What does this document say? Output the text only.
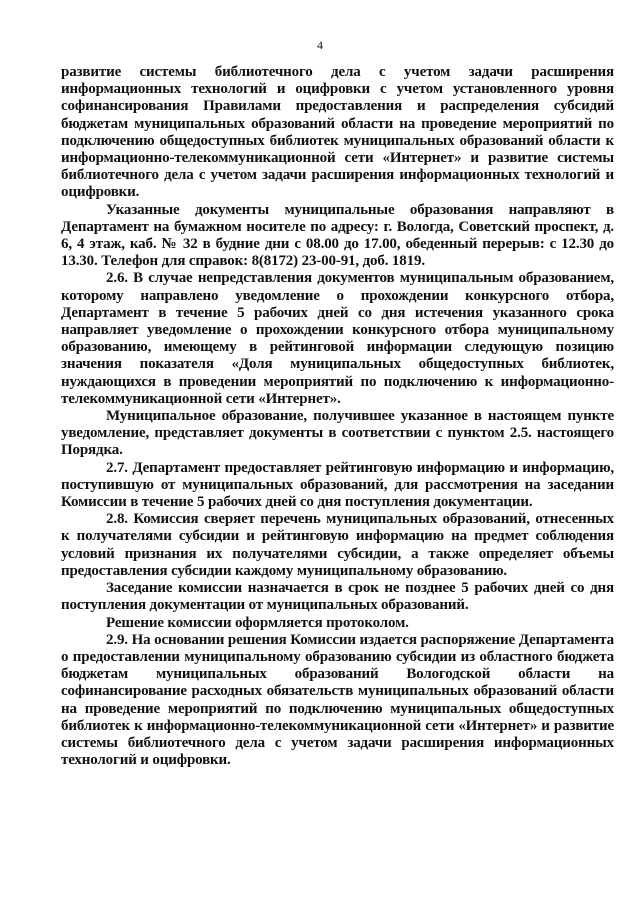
4

развитие системы библиотечного дела с учетом задачи расширения информационных технологий и оцифровки с учетом установленного уровня софинансирования Правилами предоставления и распределения субсидий бюджетам муниципальных образований области на проведение мероприятий по подключению общедоступных библиотек муниципальных образований области к информационно-телекоммуникационной сети «Интернет» и развитие системы библиотечного дела с учетом задачи расширения информационных технологий и оцифровки.

Указанные документы муниципальные образования направляют в Департамент на бумажном носителе по адресу: г. Вологда, Советский проспект, д. 6, 4 этаж, каб. № 32 в будние дни с 08.00 до 17.00, обеденный перерыв: с 12.30 до 13.30. Телефон для справок: 8(8172) 23-00-91, доб. 1819.

2.6. В случае непредставления документов муниципальным образованием, которому направлено уведомление о прохождении конкурсного отбора, Департамент в течение 5 рабочих дней со дня истечения указанного срока направляет уведомление о прохождении конкурсного отбора муниципальному образованию, имеющему в рейтинговой информации следующую позицию значения показателя «Доля муниципальных общедоступных библиотек, нуждающихся в проведении мероприятий по подключению к информационно-телекоммуникационной сети «Интернет».

Муниципальное образование, получившее указанное в настоящем пункте уведомление, представляет документы в соответствии с пунктом 2.5. настоящего Порядка.

2.7. Департамент предоставляет рейтинговую информацию и информацию, поступившую от муниципальных образований, для рассмотрения на заседании Комиссии в течение 5 рабочих дней со дня поступления документации.

2.8. Комиссия сверяет перечень муниципальных образований, отнесенных к получателями субсидии и рейтинговую информацию на предмет соблюдения условий признания их получателями субсидии, а также определяет объемы предоставления субсидии каждому муниципальному образованию.

Заседание комиссии назначается в срок не позднее 5 рабочих дней со дня поступления документации от муниципальных образований.

Решение комиссии оформляется протоколом.

2.9. На основании решения Комиссии издается распоряжение Департамента о предоставлении муниципальному образованию субсидии из областного бюджета бюджетам муниципальных образований Вологодской области на софинансирование расходных обязательств муниципальных образований области на проведение мероприятий по подключению муниципальных общедоступных библиотек к информационно-телекоммуникационной сети «Интернет» и развитие системы библиотечного дела с учетом задачи расширения информационных технологий и оцифровки.
